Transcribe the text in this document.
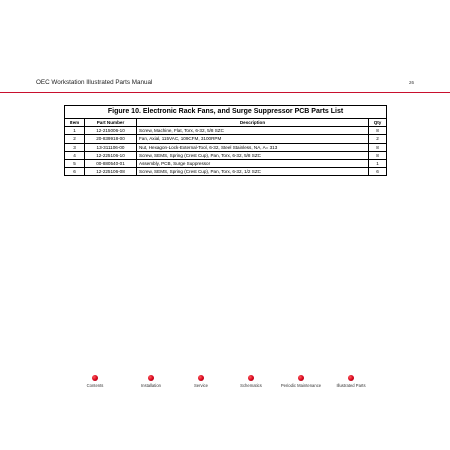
OEC Workstation Illustrated Parts Manual	26
Figure 10. Electronic Rack Fans, and Surge Suppressor PCB Parts List			
Item	Part Number	Description	Qty
1	12-215006-10	Screw, Machine, Flat, Torx, 6-32, 5/8 SZC	8
2	20-839918-00	Fan, Axial, 115VAC, 109CFM, 3100RPM	2
3	13-311106-00	Nut, Hexagon-Lock-External-Tool, 6-32, Steel Stainless, NA, A= 313	8
4	12-225106-10	Screw, SEMS, Spring (Crest Cup), Pan, Torx, 6-32, 5/8 SZC	8
5	00-880540-01	Assembly, PCB, Surge Suppressor	1
6	12-225106-08	Screw, SEMS, Spring (Crest Cup), Pan, Torx, 6-32, 1/2 SZC	6
Contents	Installation	Service	Schematics	Periodic Maintenance	Illustrated Parts
